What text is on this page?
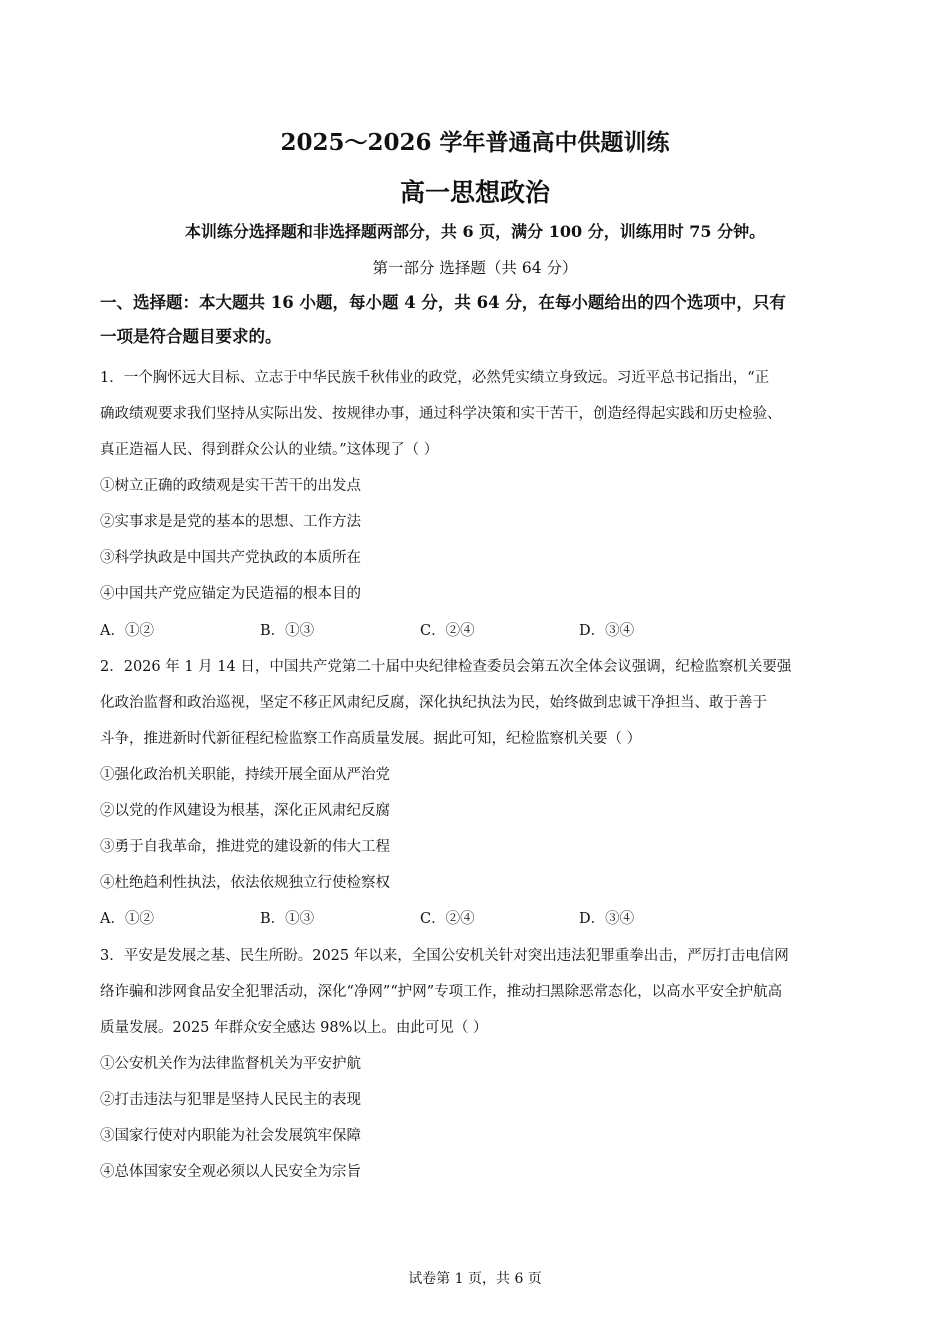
2025～2026 学年普通高中供题训练
高一思想政治
本训练分选择题和非选择题两部分，共 6 页，满分 100 分，训练用时 75 分钟。
第一部分 选择题（共 64 分）
一、选择题：本大题共 16 小题，每小题 4 分，共 64 分，在每小题给出的四个选项中，只有
一项是符合题目要求的。
1．一个胸怀远大目标、立志于中华民族千秋伟业的政党，必然凭实绩立身致远。习近平总书记指出，“正
确政绩观要求我们坚持从实际出发、按规律办事，通过科学决策和实干苦干，创造经得起实践和历史检验、
真正造福人民、得到群众公认的业绩。”这体现了（ ）
①树立正确的政绩观是实干苦干的出发点
②实事求是是党的基本的思想、工作方法
③科学执政是中国共产党执政的本质所在
④中国共产党应锚定为民造福的根本目的
A．①②	B．①③	C．②④	D．③④
2．2026 年 1 月 14 日，中国共产党第二十届中央纪律检查委员会第五次全体会议强调，纪检监察机关要强
化政治监督和政治巡视，坚定不移正风肃纪反腐，深化执纪执法为民，始终做到忠诚干净担当、敢于善于
斗争，推进新时代新征程纪检监察工作高质量发展。据此可知，纪检监察机关要（ ）
①强化政治机关职能，持续开展全面从严治党
②以党的作风建设为根基，深化正风肃纪反腐
③勇于自我革命，推进党的建设新的伟大工程
④杜绝趋利性执法，依法依规独立行使检察权
A．①②	B．①③	C．②④	D．③④
3．平安是发展之基、民生所盼。2025 年以来，全国公安机关针对突出违法犯罪重拳出击，严厉打击电信网
络诈骗和涉网食品安全犯罪活动，深化“净网”“护网”专项工作，推动扫黑除恶常态化，以高水平安全护航高
质量发展。2025 年群众安全感达 98%以上。由此可见（ ）
①公安机关作为法律监督机关为平安护航
②打击违法与犯罪是坚持人民民主的表现
③国家行使对内职能为社会发展筑牢保障
④总体国家安全观必须以人民安全为宗旨
试卷第 1 页，共 6 页
